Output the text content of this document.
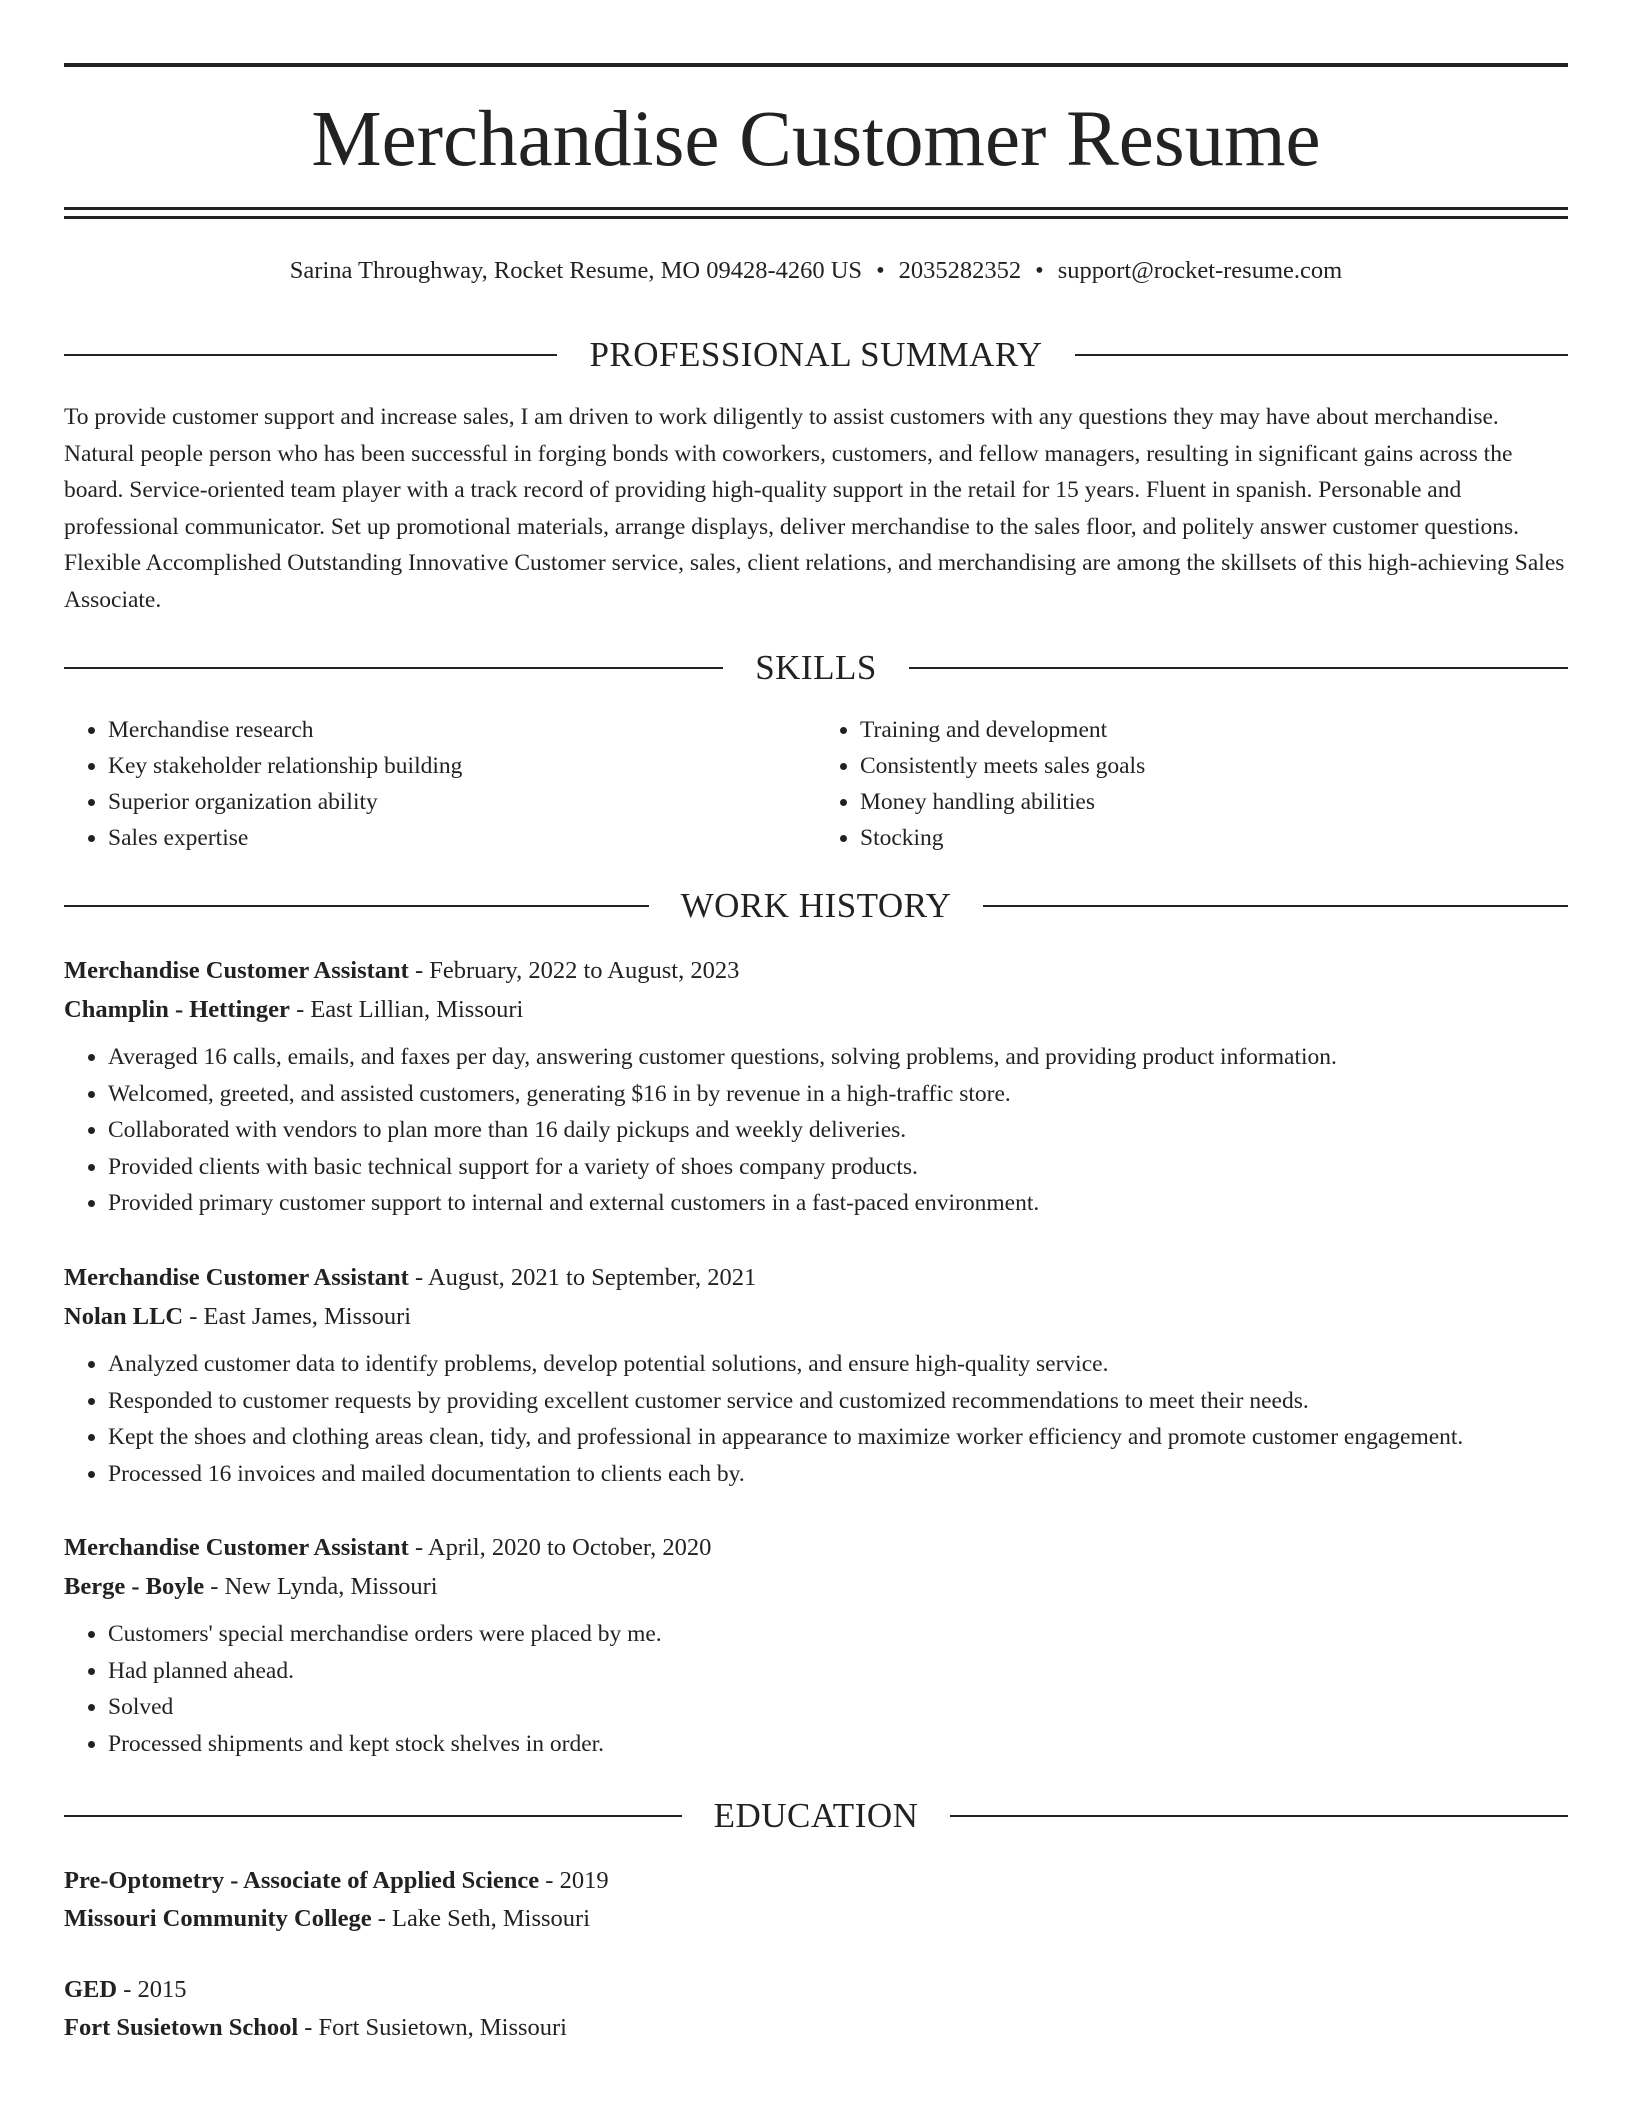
Merchandise Customer Resume
Sarina Throughway, Rocket Resume, MO 09428-4260 US • 2035282352 • support@rocket-resume.com
PROFESSIONAL SUMMARY

To provide customer support and increase sales, I am driven to work diligently to assist customers with any questions they may have about merchandise. Natural people person who has been successful in forging bonds with coworkers, customers, and fellow managers, resulting in significant gains across the board. Service-oriented team player with a track record of providing high-quality support in the retail for 15 years. Fluent in spanish. Personable and professional communicator. Set up promotional materials, arrange displays, deliver merchandise to the sales floor, and politely answer customer questions. Flexible Accomplished Outstanding Innovative Customer service, sales, client relations, and merchandising are among the skillsets of this high-achieving Sales Associate.

SKILLS
• Merchandise research
• Key stakeholder relationship building
• Superior organization ability
• Sales expertise
• Training and development
• Consistently meets sales goals
• Money handling abilities
• Stocking
WORK HISTORY
Merchandise Customer Assistant - February, 2022 to August, 2023
Champlin - Hettinger - East Lillian, Missouri
• Averaged 16 calls, emails, and faxes per day, answering customer questions, solving problems, and providing product information.
• Welcomed, greeted, and assisted customers, generating $16 in by revenue in a high-traffic store.
• Collaborated with vendors to plan more than 16 daily pickups and weekly deliveries.
• Provided clients with basic technical support for a variety of shoes company products.
• Provided primary customer support to internal and external customers in a fast-paced environment.
Merchandise Customer Assistant - August, 2021 to September, 2021
Nolan LLC - East James, Missouri
• Analyzed customer data to identify problems, develop potential solutions, and ensure high-quality service.
• Responded to customer requests by providing excellent customer service and customized recommendations to meet their needs.
• Kept the shoes and clothing areas clean, tidy, and professional in appearance to maximize worker efficiency and promote customer engagement.
• Processed 16 invoices and mailed documentation to clients each by.
Merchandise Customer Assistant - April, 2020 to October, 2020
Berge - Boyle - New Lynda, Missouri
• Customers' special merchandise orders were placed by me.
• Had planned ahead.
• Solved
• Processed shipments and kept stock shelves in order.
EDUCATION
Pre-Optometry - Associate of Applied Science - 2019
Missouri Community College - Lake Seth, Missouri
GED - 2015
Fort Susietown School - Fort Susietown, Missouri
